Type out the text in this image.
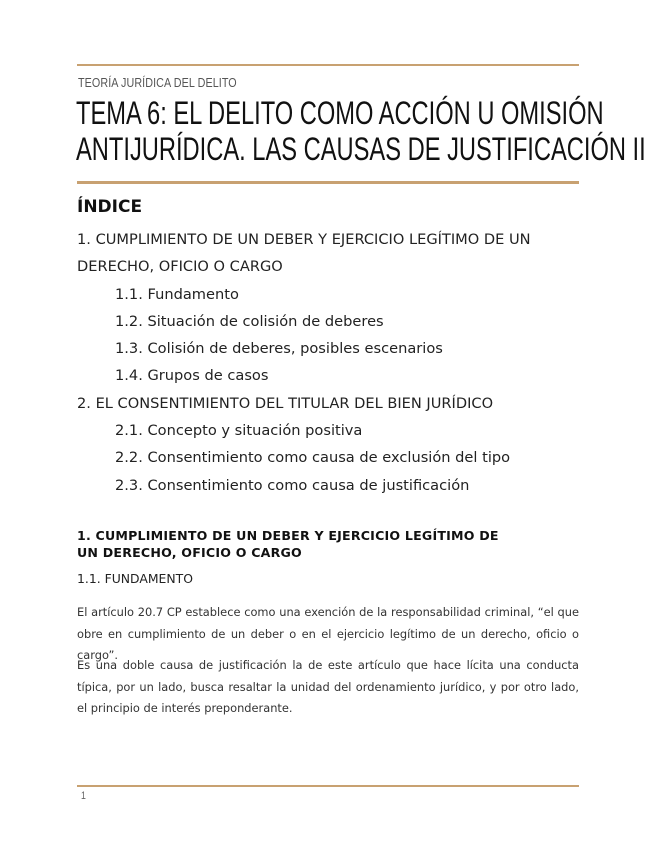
TEORÍA JURÍDICA DEL DELITO
TEMA 6: EL DELITO COMO ACCIÓN U OMISIÓN
ANTIJURÍDICA. LAS CAUSAS DE JUSTIFICACIÓN II
ÍNDICE
1. CUMPLIMIENTO DE UN DEBER Y EJERCICIO LEGÍTIMO DE UN
DERECHO, OFICIO O CARGO
1.1. Fundamento
1.2. Situación de colisión de deberes
1.3. Colisión de deberes, posibles escenarios
1.4. Grupos de casos
2. EL CONSENTIMIENTO DEL TITULAR DEL BIEN JURÍDICO
2.1. Concepto y situación positiva
2.2. Consentimiento como causa de exclusión del tipo
2.3. Consentimiento como causa de justificación
1. CUMPLIMIENTO DE UN DEBER Y EJERCICIO LEGÍTIMO DE
UN DERECHO, OFICIO O CARGO
1.1. FUNDAMENTO

El artículo 20.7 CP establece como una exención de la responsabilidad criminal, “el que obre en cumplimiento de un deber o en el ejercicio legítimo de un derecho, oficio o cargo”.

Es una doble causa de justificación la de este artículo que hace lícita una conducta típica, por un lado, busca resaltar la unidad del ordenamiento jurídico, y por otro lado, el principio de interés preponderante.

1
